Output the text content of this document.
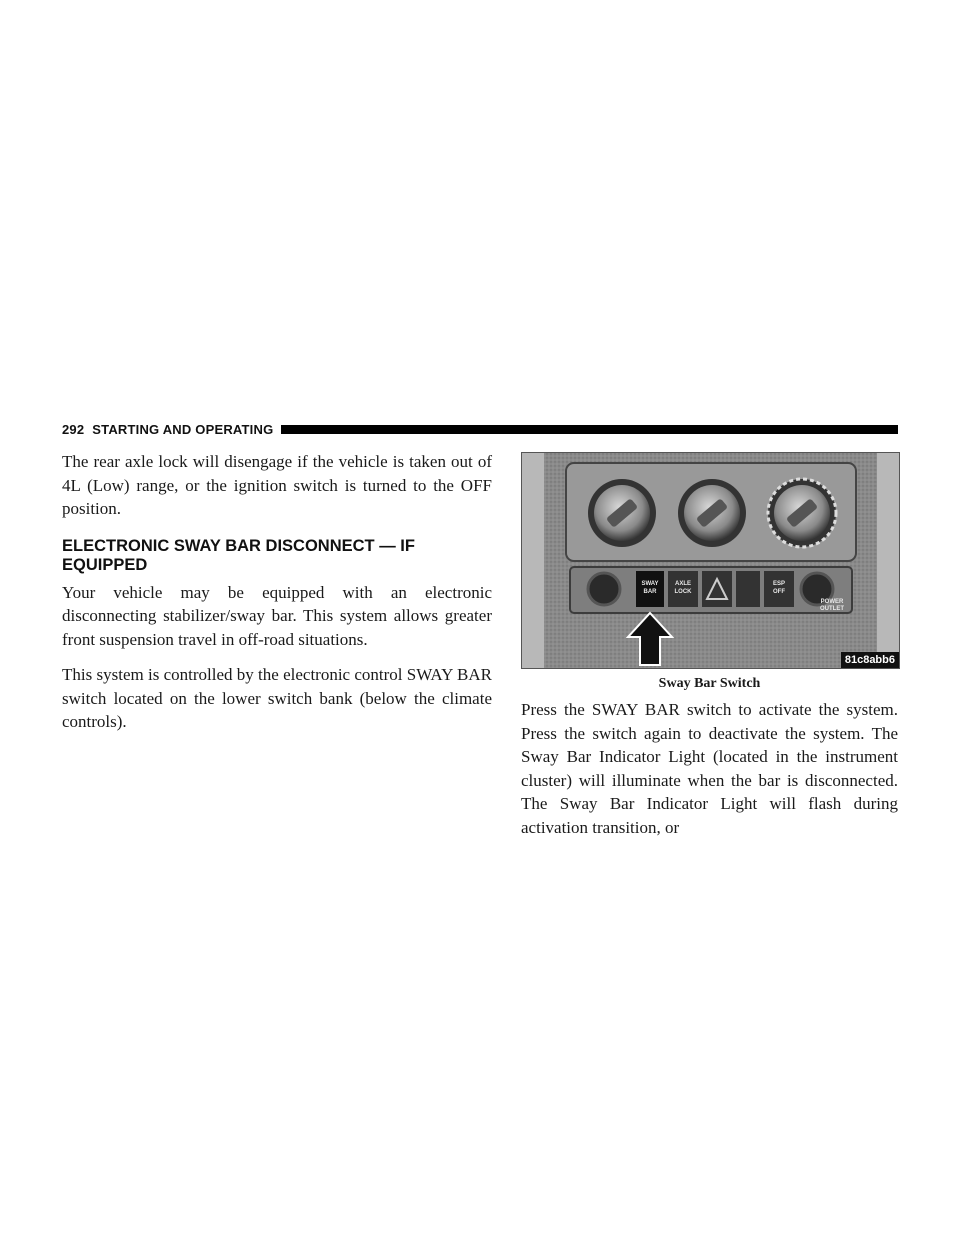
292 STARTING AND OPERATING

The rear axle lock will disengage if the vehicle is taken out of 4L (Low) range, or the ignition switch is turned to the OFF position.

ELECTRONIC SWAY BAR DISCONNECT — IF EQUIPPED

Your vehicle may be equipped with an electronic disconnecting stabilizer/sway bar. This system allows greater front suspension travel in off-road situations.

This system is controlled by the electronic control SWAY BAR switch located on the lower switch bank (below the climate controls).

SWAY
BAR
AXLE
LOCK
ESP
OFF
POWER
OUTLET
81c8abb6
Sway Bar Switch

Press the SWAY BAR switch to activate the system. Press the switch again to deactivate the system. The Sway Bar Indicator Light (located in the instrument cluster) will illuminate when the bar is disconnected. The Sway Bar Indicator Light will flash during activation transition, or
